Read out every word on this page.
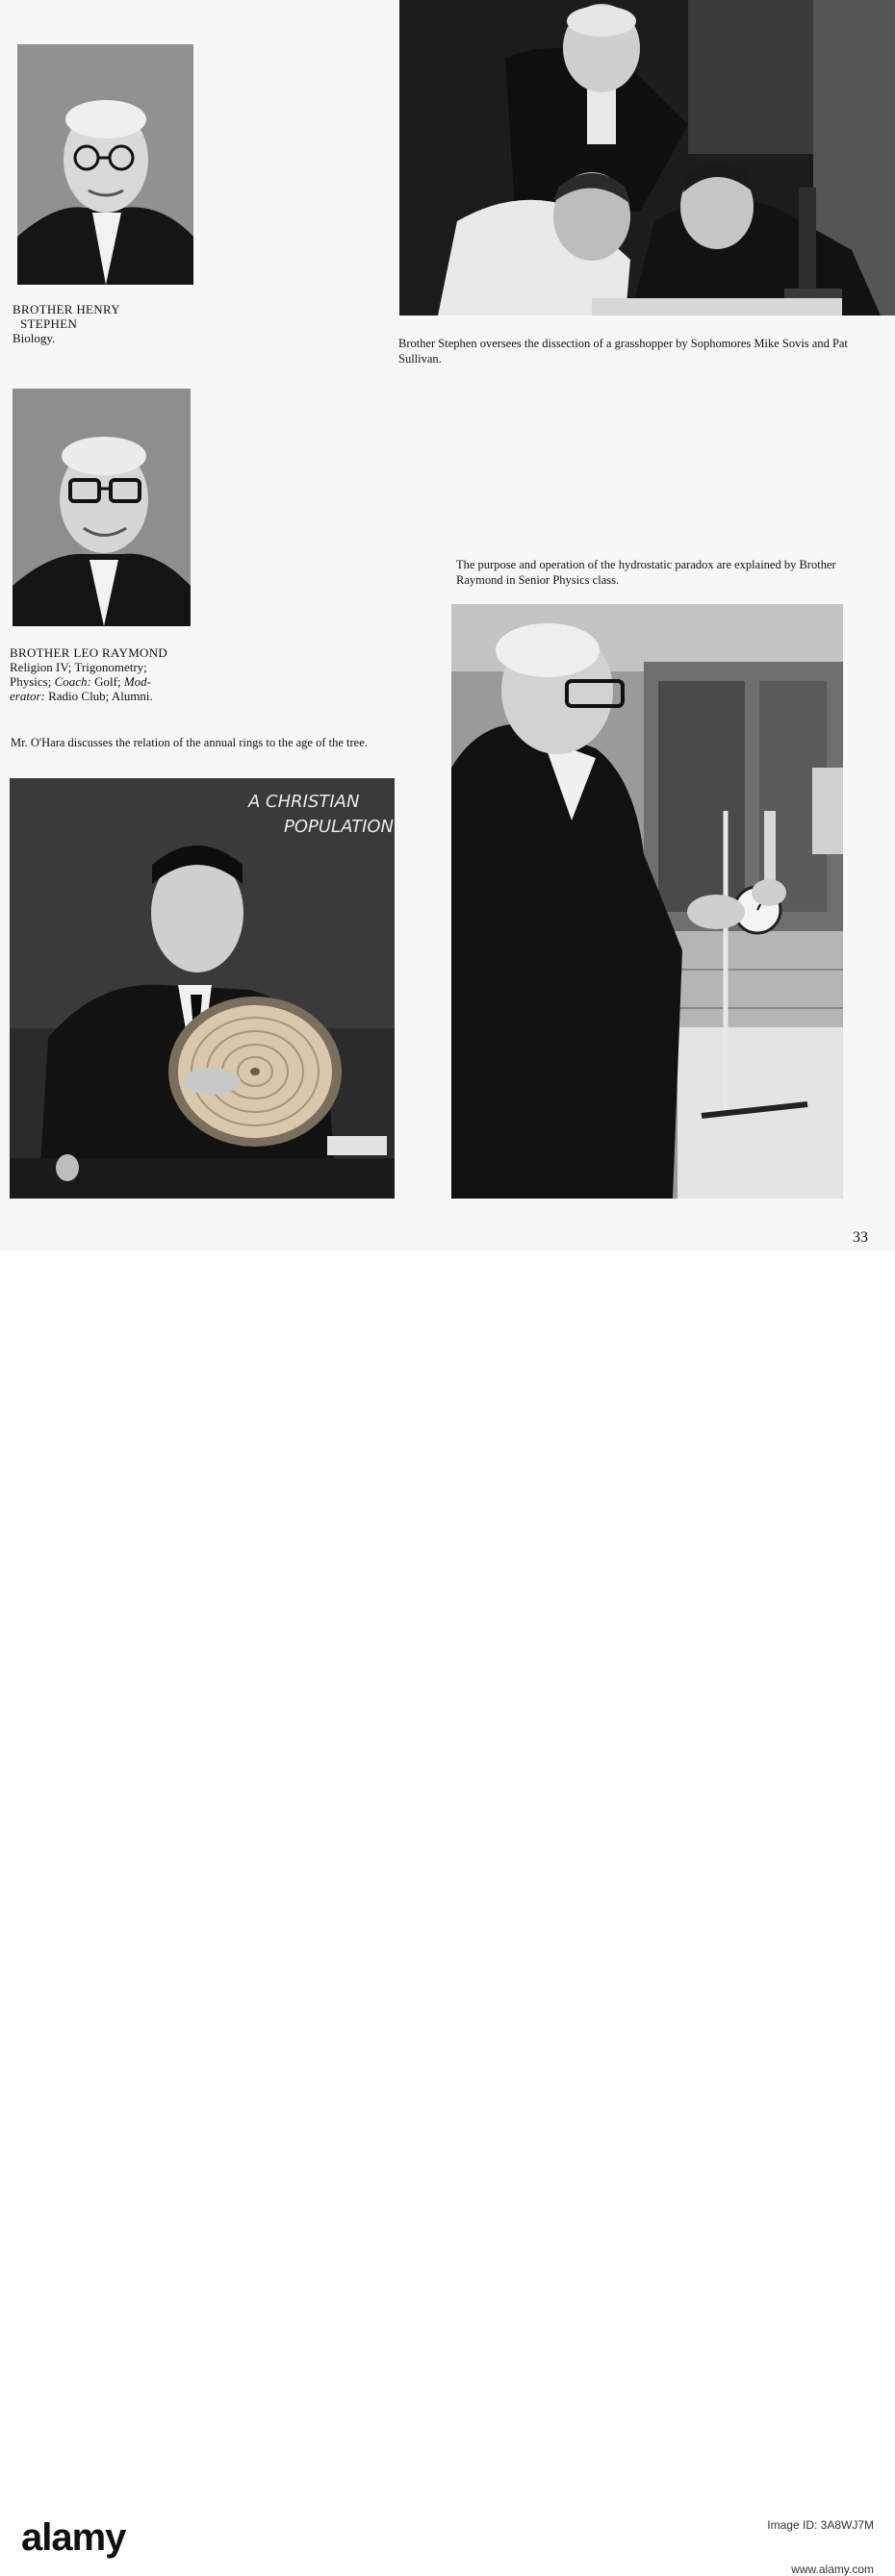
BROTHER HENRY
STEPHEN
Biology.	Brother Stephen oversees the dissection of a grasshopper by Sophomores Mike Sovis and Pat Sullivan.
BROTHER LEO RAYMOND
Religion IV; Trigonometry;
Physics; Coach: Golf; Mod-
erator: Radio Club; Alumni.
The purpose and operation of the hydrostatic paradox are explained by Brother Raymond in Senior Physics class.
Mr. O'Hara discusses the relation of the annual rings to the age of the tree.
A CHRISTIAN
POPULATION
33
alamy	Image ID: 3A8WJ7M
www.alamy.com
